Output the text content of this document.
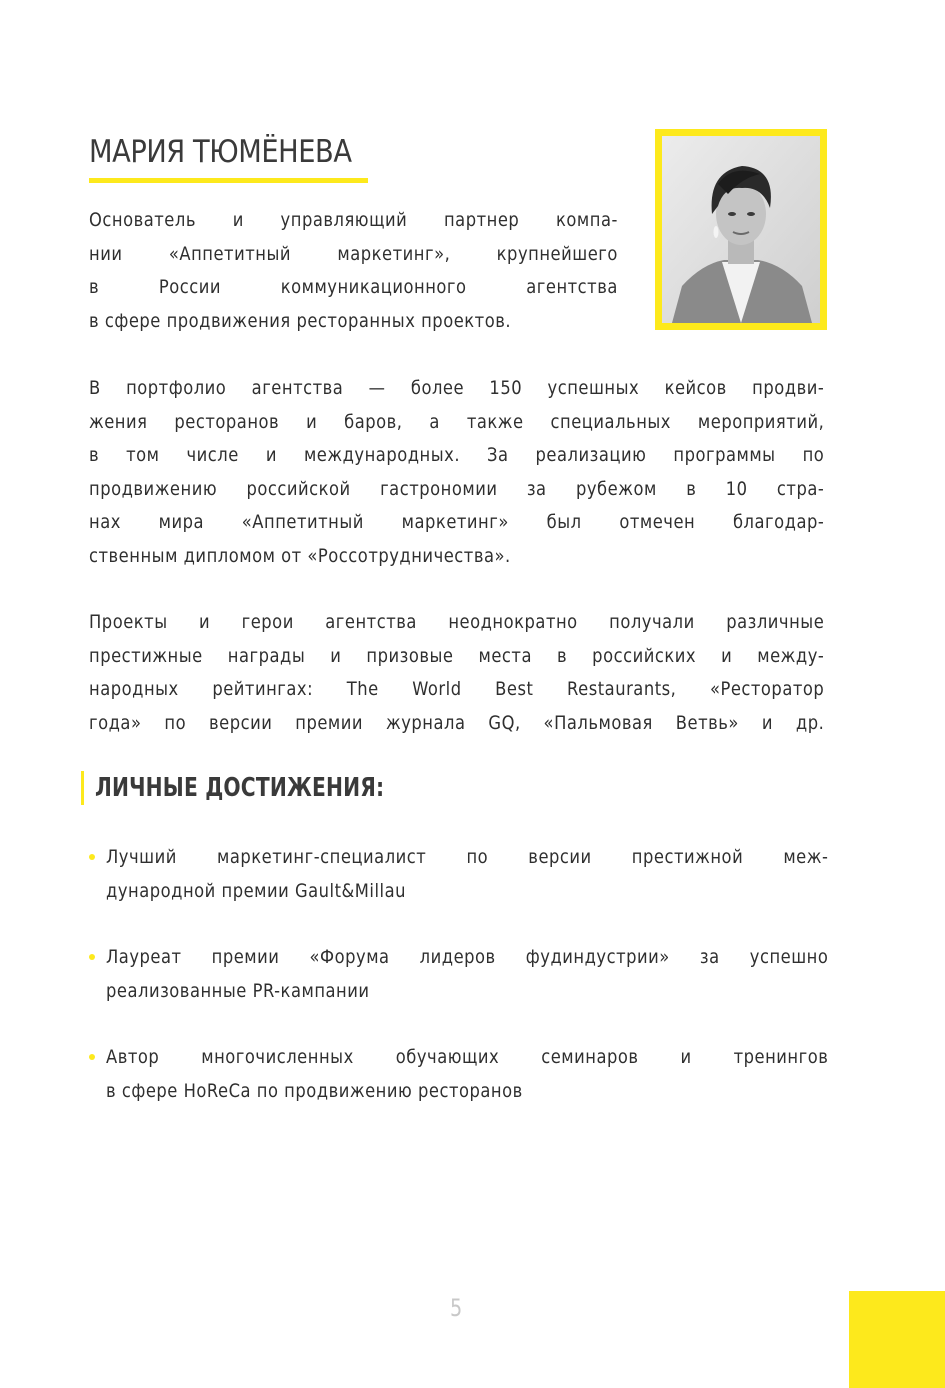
МАРИЯ ТЮМЁНЕВА
Основатель и управляющий партнер компа-
нии «Аппетитный маркетинг», крупнейшего
в России коммуникационного агентства
в сфере продвижения ресторанных проектов.
В портфолио агентства — более 150 успешных кейсов продви-
жения ресторанов и баров, а также специальных мероприятий,
в том числе и международных. За реализацию программы по
продвижению российской гастрономии за рубежом в 10 стра-
нах мира «Аппетитный маркетинг» был отмечен благодар-
ственным дипломом от «Россотрудничества».
Проекты и герои агентства неоднократно получали различные
престижные награды и призовые места в российских и между-
народных рейтингах: The World Best Restaurants, «Ресторатор
года» по версии премии журнала GQ, «Пальмовая Ветвь» и др.
ЛИЧНЫЕ ДОСТИЖЕНИЯ:
Лучший маркетинг-специалист по версии престижной меж-
дународной премии Gault&Millau
Лауреат премии «Форума лидеров фудиндустрии» за успешно
реализованные PR-кампании
Автор многочисленных обучающих семинаров и тренингов
в сфере HoReCa по продвижению ресторанов
5
